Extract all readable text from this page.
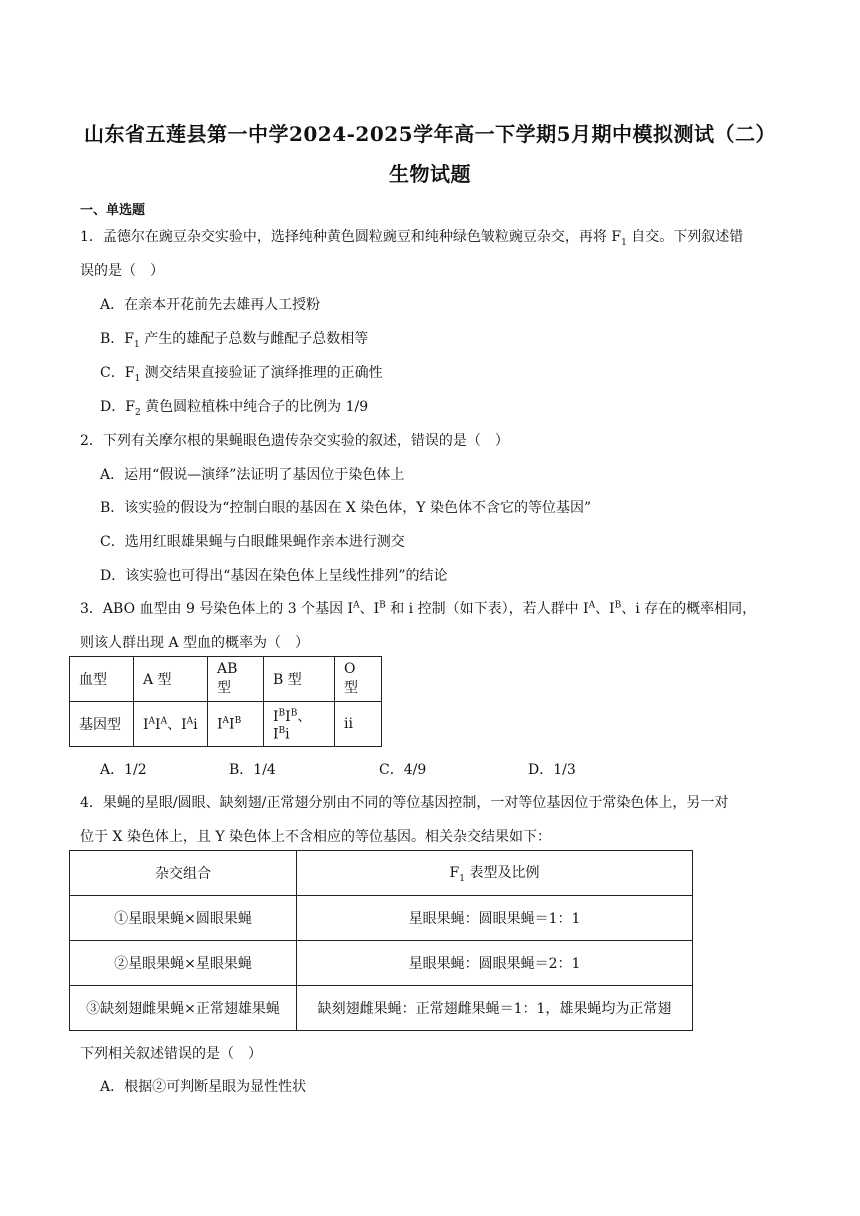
山东省五莲县第一中学2024-2025学年高一下学期5月期中模拟测试（二）
生物试题
一、单选题
1．孟德尔在豌豆杂交实验中，选择纯种黄色圆粒豌豆和纯种绿色皱粒豌豆杂交，再将 $F_1$ 自交。下列叙述错
误的是（　）
A．在亲本开花前先去雄再人工授粉
B．$F_1$ 产生的雄配子总数与雌配子总数相等
C．$F_1$ 测交结果直接验证了演绎推理的正确性
D．$F_2$ 黄色圆粒植株中纯合子的比例为 1/9
2．下列有关摩尔根的果蝇眼色遗传杂交实验的叙述，错误的是（　）
A．运用“假说—演绎”法证明了基因位于染色体上
B．该实验的假设为“控制白眼的基因在 X 染色体，Y 染色体不含它的等位基因”
C．选用红眼雄果蝇与白眼雌果蝇作亲本进行测交
D．该实验也可得出“基因在染色体上呈线性排列”的结论
3．ABO 血型由 9 号染色体上的 3 个基因 $I^A$、$I^B$ 和 i 控制（如下表），若人群中 $I^A$、$I^B$、i 存在的概率相同，
则该人群出现 A 型血的概率为（　）
血型	A 型	AB 型	B 型	O 型
基因型	$I^AI^A$、$I^Ai$	$I^AI^B$	$I^BI^B$、$I^Bi$	ii
A．1/2	B．1/4	C．4/9	D．1/3
4．果蝇的星眼/圆眼、缺刻翅/正常翅分别由不同的等位基因控制，一对等位基因位于常染色体上，另一对
位于 X 染色体上，且 Y 染色体上不含相应的等位基因。相关杂交结果如下：
杂交组合	$F_1$ 表型及比例
①星眼果蝇×圆眼果蝇	星眼果蝇：圆眼果蝇＝1：1
②星眼果蝇×星眼果蝇	星眼果蝇：圆眼果蝇＝2：1
③缺刻翅雌果蝇×正常翅雄果蝇	缺刻翅雌果蝇：正常翅雌果蝇＝1：1，雄果蝇均为正常翅
下列相关叙述错误的是（　）
A．根据②可判断星眼为显性性状
